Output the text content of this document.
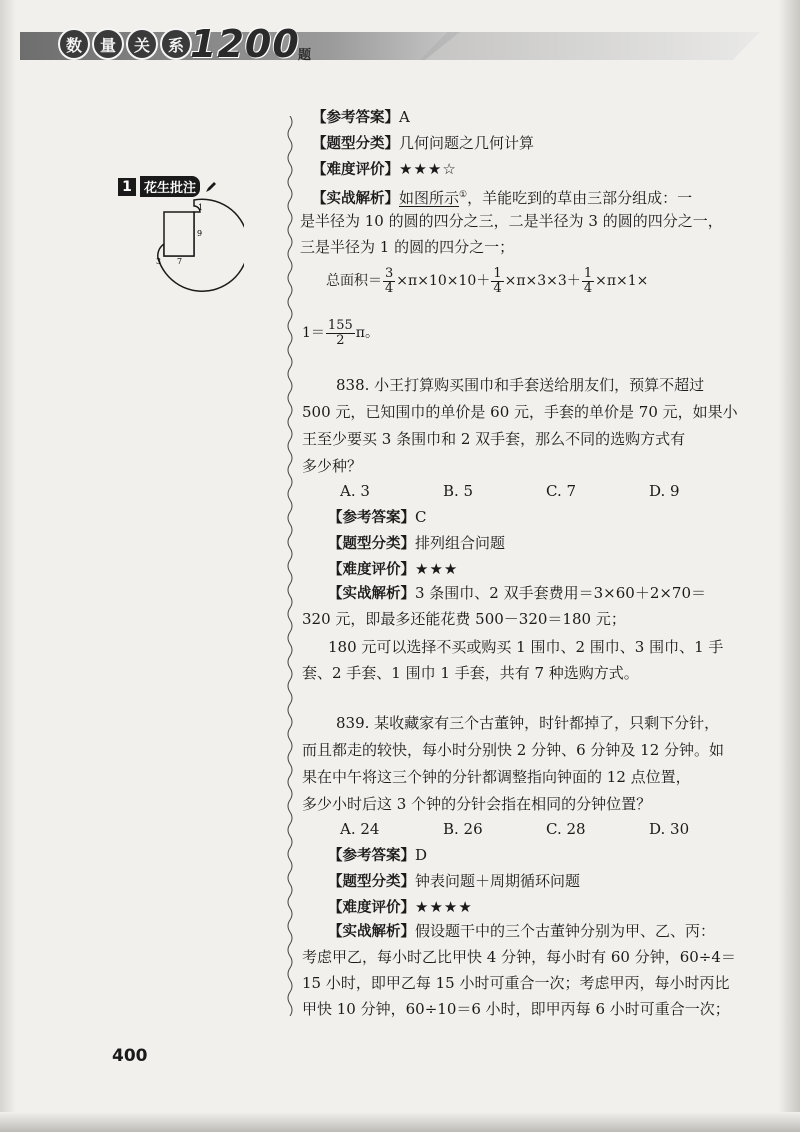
数	量	关	系 1200
题
1 花生批注
1
9
3 7
【参考答案】A
【题型分类】几何问题之几何计算
【难度评价】★★★☆
【实战解析】如图所示①，羊能吃到的草由三部分组成：一
是半径为 10 的圆的四分之三，二是半径为 3 的圆的四分之一，
三是半径为 1 的圆的四分之一；
总面积＝ $\frac{3}{4} \times\pi\times 10\times 10+ \frac{1}{4} \times\pi\times 3\times 3+ \frac{1}{4} \times\pi\times 1\times$
$1= \frac{155}{2}$ π。
838. 小王打算购买围巾和手套送给朋友们，预算不超过
500 元，已知围巾的单价是 60 元，手套的单价是 70 元，如果小
王至少要买 3 条围巾和 2 双手套，那么不同的选购方式有
多少种？
A. 3	B. 5	C. 7	D. 9
【参考答案】C
【题型分类】排列组合问题
【难度评价】★★★
【实战解析】3 条围巾、2 双手套费用＝3×60＋2×70＝
320 元，即最多还能花费 500－320＝180 元；
180 元可以选择不买或购买 1 围巾、2 围巾、3 围巾、1 手
套、2 手套、1 围巾 1 手套，共有 7 种选购方式。
839. 某收藏家有三个古董钟，时针都掉了，只剩下分针，
而且都走的较快，每小时分别快 2 分钟、6 分钟及 12 分钟。如
果在中午将这三个钟的分针都调整指向钟面的 12 点位置，
多少小时后这 3 个钟的分针会指在相同的分钟位置？
A. 24	B. 26	C. 28	D. 30
【参考答案】D
【题型分类】钟表问题＋周期循环问题
【难度评价】★★★★
【实战解析】假设题干中的三个古董钟分别为甲、乙、丙：
考虑甲乙，每小时乙比甲快 4 分钟，每小时有 60 分钟，60÷4＝
15 小时，即甲乙每 15 小时可重合一次；考虑甲丙，每小时丙比
甲快 10 分钟，60÷10＝6 小时，即甲丙每 6 小时可重合一次；
400
